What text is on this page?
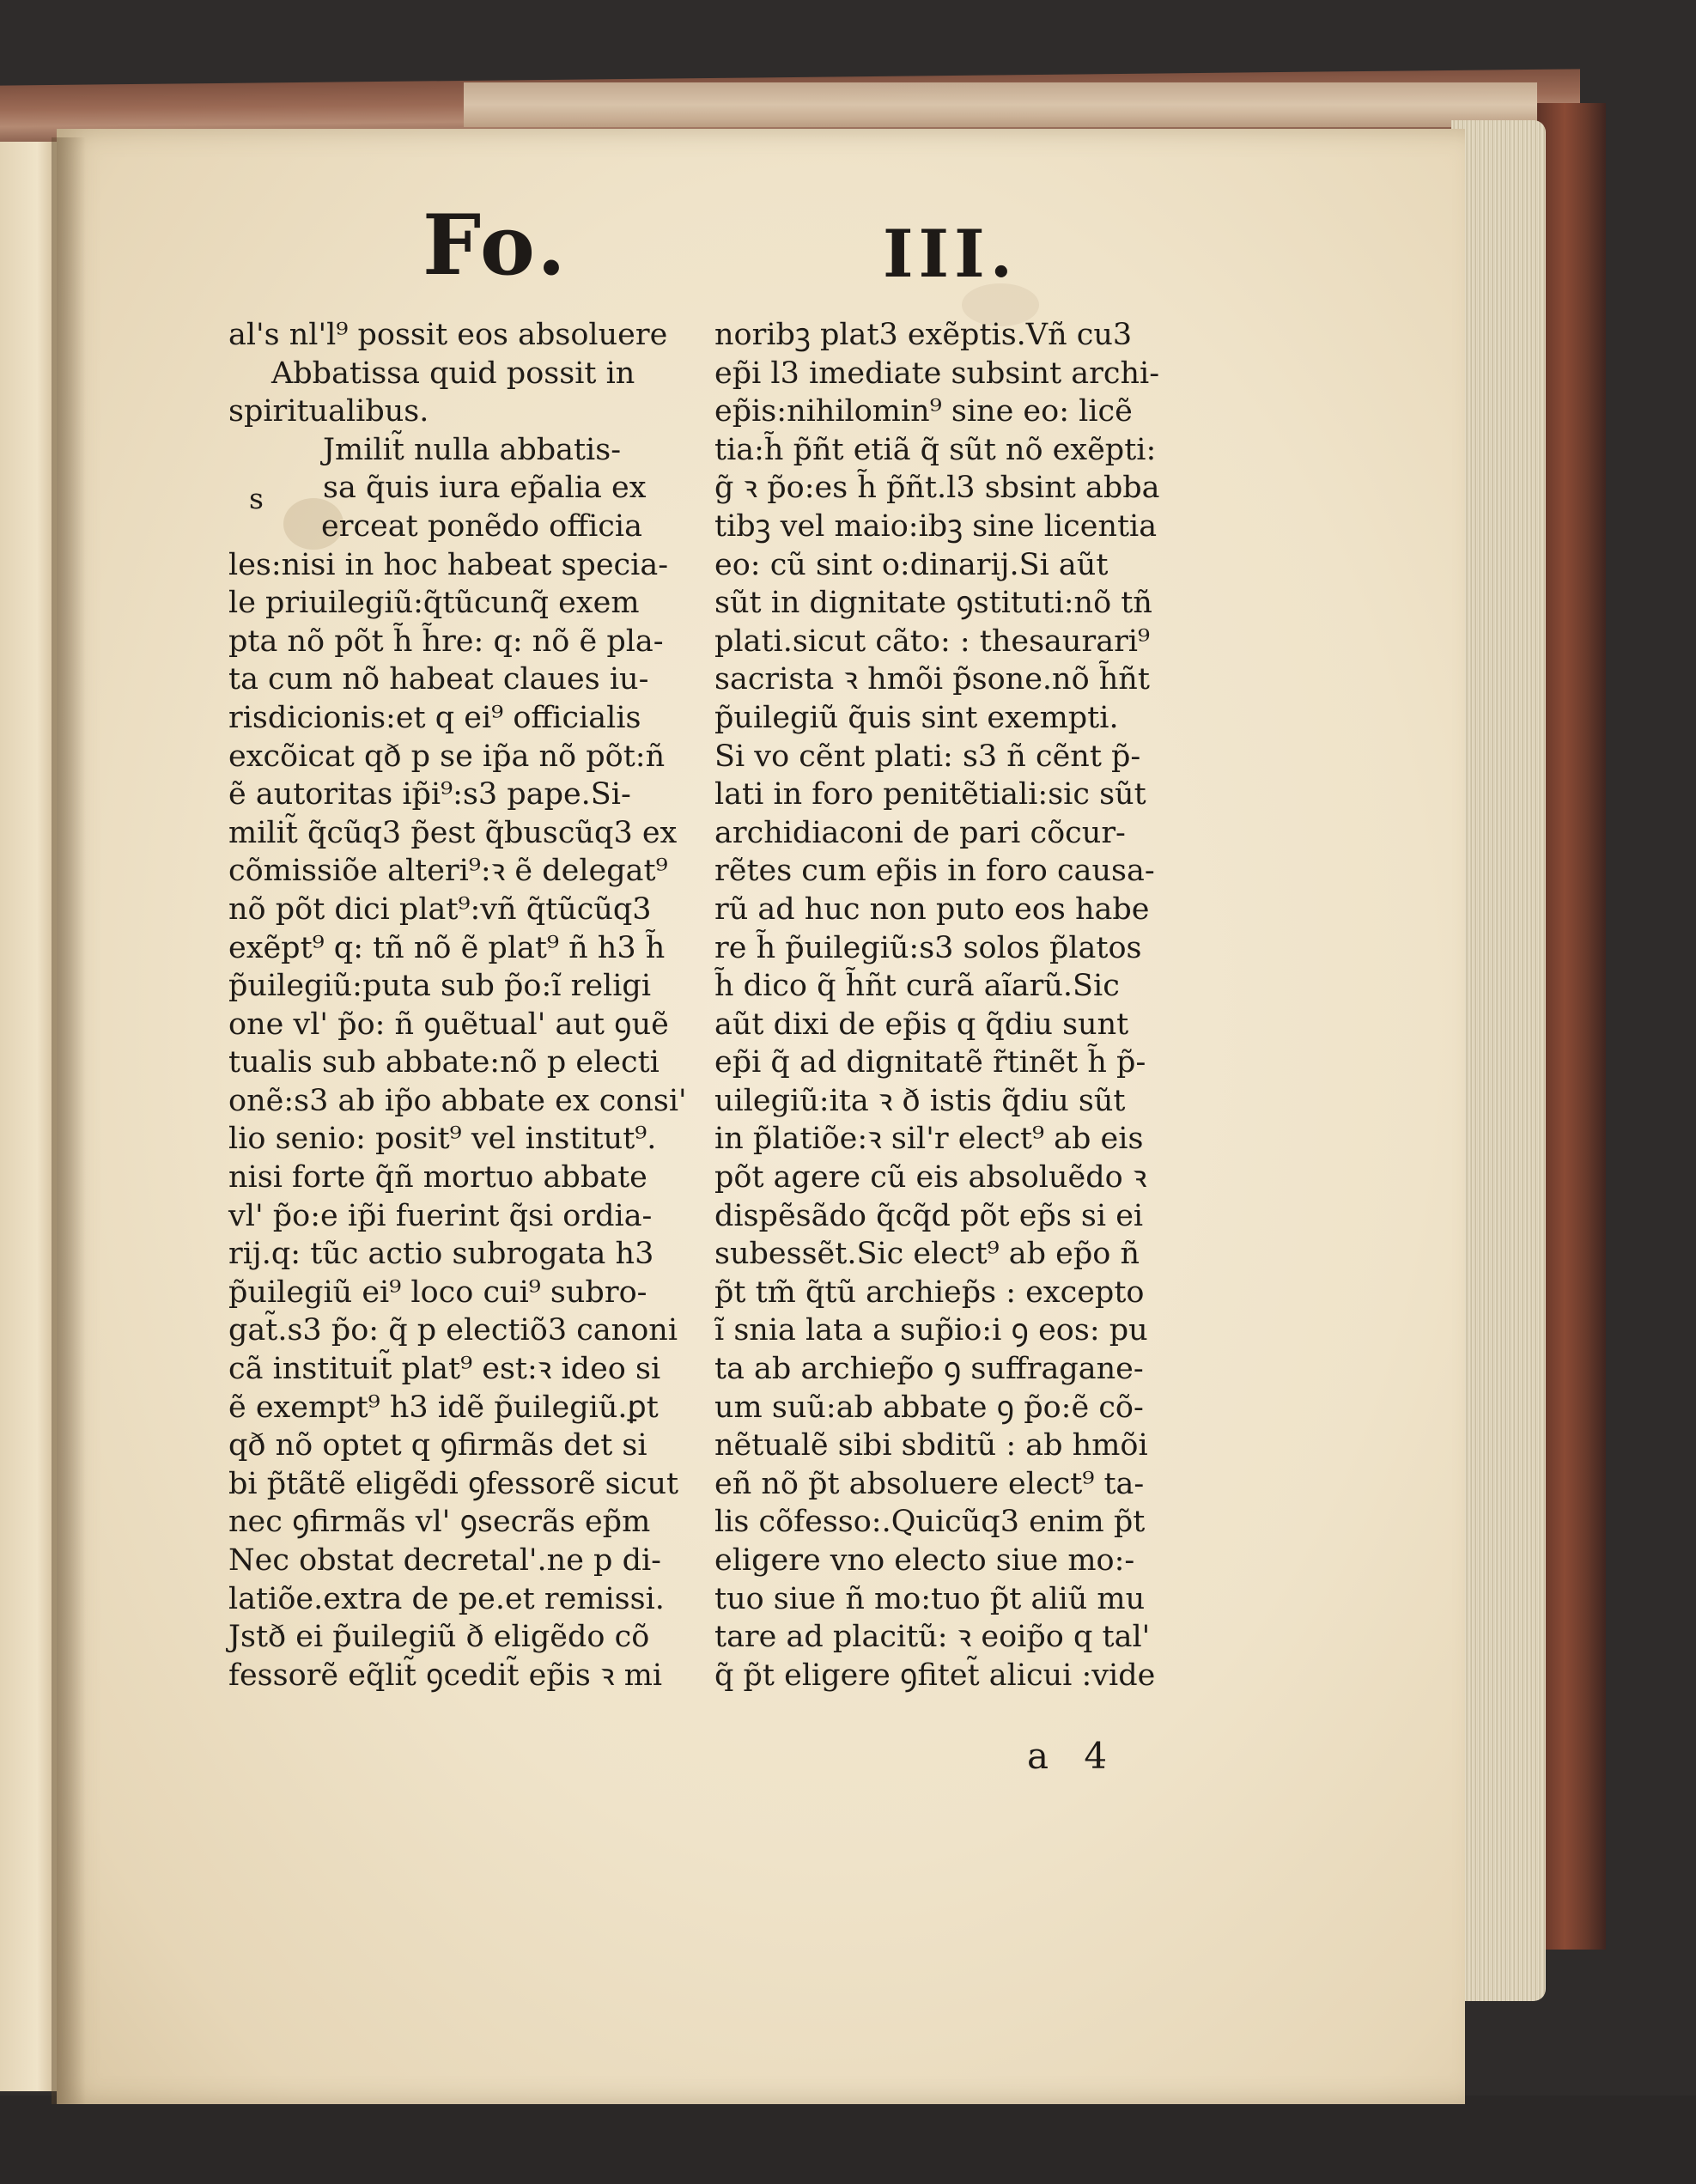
Fo.	III.
s
al's nl'l⁹ possit eos absoluere
Abbatissa quid possit in
spiritualibus.
Jmilit̃ nulla abbatis-
sa q̃uis iura ep̃alia ex
erceat ponẽdo officia
les:nisi in hoc habeat specia-
le priuilegiũ:q̃tũcunq̃ exem
pta nõ põt h̃ h̃re: q: nõ ẽ pla-
ta cum nõ habeat claues iu-
risdicionis:et q ei⁹ officialis
excõicat qð p se ip̃a nõ põt:ñ
ẽ autoritas ip̃i⁹:s3 pape.Si-
milit̃ q̃cũq3 p̃est q̃buscũq3 ex
cõmissiõe alteri⁹:ꝛ ẽ delegat⁹
nõ põt dici plat⁹:vñ q̃tũcũq3
exẽpt⁹ q: tñ nõ ẽ plat⁹ ñ h3 h̃
p̃uilegiũ:puta sub p̃o:ı̃ religi
one vl' p̃o: ñ ꝯuẽtual' aut ꝯuẽ
tualis sub abbate:nõ p electi
onẽ:s3 ab ip̃o abbate ex consi'
lio senio: posit⁹ vel institut⁹.
nisi forte q̃ñ mortuo abbate
vl' p̃o:e ip̃i fuerint q̃si ordia-
rij.q: tũc actio subrogata h3
p̃uilegiũ ei⁹ loco cui⁹ subro-
gat̃.s3 p̃o: q̃ p electiõ3 canoni
cã instituit̃ plat⁹ est:ꝛ ideo si
ẽ exempt⁹ h3 idẽ p̃uilegiũ.ꝑt
qð nõ optet q ꝯfirmãs det si
bi p̃tãtẽ eligẽdi ꝯfessorẽ sicut
nec ꝯfirmãs vl' ꝯsecrãs ep̃m
Nec obstat decretal'.ne p di-
latiõe.extra de pe.et remissi.
Jstð ei p̃uilegiũ ð eligẽdo cõ
fessorẽ eq̃lit̃ ꝯcedit̃ ep̃is ꝛ mi
noribꝫ plat3 exẽptis.Vñ cu3
ep̃i l3 imediate subsint archi-
ep̃is:nihilomin⁹ sine eo: licẽ
tia:h̃ p̃ñt etiã q̃ sũt nõ exẽpti:
g̃ ꝛ p̃o:es h̃ p̃ñt.l3 sbsint abba
tibꝫ vel maio:ibꝫ sine licentia
eo: cũ sint o:dinarij.Si aũt
sũt in dignitate ꝯstituti:nõ tñ
plati.sicut cãto: : thesaurari⁹
sacrista ꝛ hmõi p̃sone.nõ h̃ñt
p̃uilegiũ q̃uis sint exempti.
Si vo cẽnt plati: s3 ñ cẽnt p̃-
lati in foro penitẽtiali:sic sũt
archidiaconi de pari cõcur-
rẽtes cum ep̃is in foro causa-
rũ ad huc non puto eos habe
re h̃ p̃uilegiũ:s3 solos p̃latos
h̃ dico q̃ h̃ñt curã aĩarũ.Sic
aũt dixi de ep̃is q q̃diu sunt
ep̃i q̃ ad dignitatẽ r̃tinẽt h̃ p̃-
uilegiũ:ita ꝛ ð istis q̃diu sũt
in p̃latiõe:ꝛ sil'r elect⁹ ab eis
põt agere cũ eis absoluẽdo ꝛ
dispẽsãdo q̃cq̃d põt ep̃s si ei
subessẽt.Sic elect⁹ ab ep̃o ñ
p̃t tm̃ q̃tũ archiep̃s : excepto
ı̃ snia lata a sup̃io:i ꝯ eos: pu
ta ab archiep̃o ꝯ suffragane-
um suũ:ab abbate ꝯ p̃o:ẽ cõ-
nẽtualẽ sibi sbditũ : ab hmõi
eñ nõ p̃t absoluere elect⁹ ta-
lis cõfesso:.Quicũq3 enim p̃t
eligere vno electo siue mo:-
tuo siue ñ mo:tuo p̃t aliũ mu
tare ad placitũ: ꝛ eoip̃o q tal'
q̃ p̃t eligere ꝯfitet̃ alicui :vide
a 4
